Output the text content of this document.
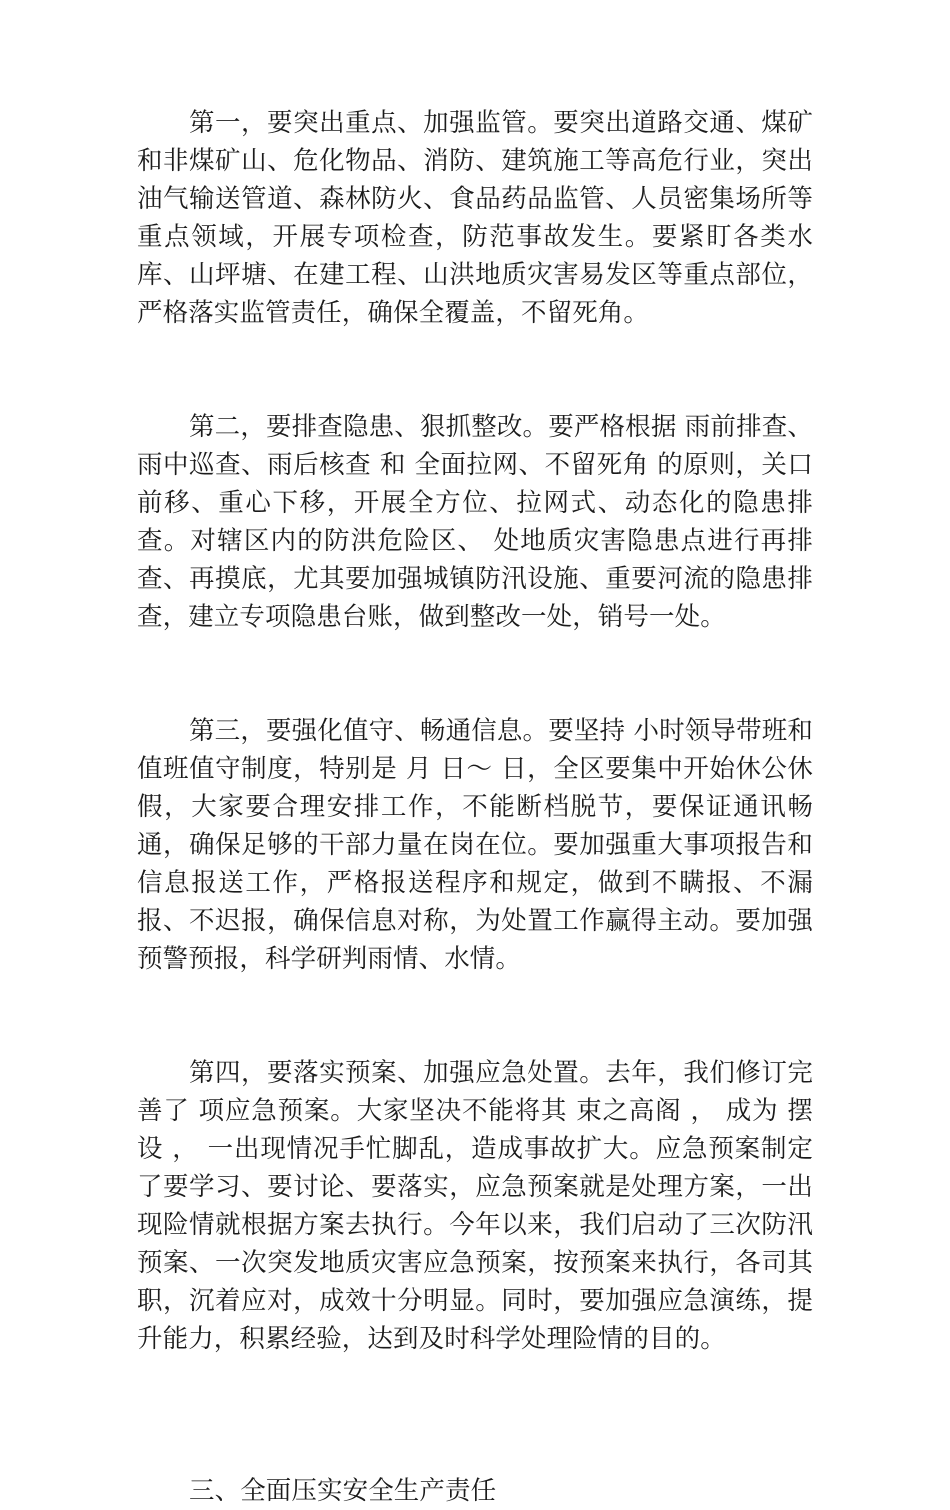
第一，要突出重点、加强监管。要突出道路交通、煤矿和非煤矿山、危化物品、消防、建筑施工等高危行业，突出油气输送管道、森林防火、食品药品监管、人员密集场所等重点领域，开展专项检查，防范事故发生。要紧盯各类水库、山坪塘、在建工程、山洪地质灾害易发区等重点部位，严格落实监管责任，确保全覆盖，不留死角。

第二，要排查隐患、狠抓整改。要严格根据 雨前排查、雨中巡查、雨后核查 和 全面拉网、不留死角 的原则，关口前移、重心下移，开展全方位、拉网式、动态化的隐患排查。对辖区内的防洪危险区、 处地质灾害隐患点进行再排查、再摸底，尤其要加强城镇防汛设施、重要河流的隐患排查，建立专项隐患台账，做到整改一处，销号一处。

第三，要强化值守、畅通信息。要坚持 小时领导带班和值班值守制度，特别是 月 日～ 日，全区要集中开始休公休假，大家要合理安排工作，不能断档脱节，要保证通讯畅通，确保足够的干部力量在岗在位。要加强重大事项报告和信息报送工作，严格报送程序和规定，做到不瞒报、不漏报、不迟报，确保信息对称，为处置工作赢得主动。要加强预警预报，科学研判雨情、水情。

第四，要落实预案、加强应急处置。去年，我们修订完善了 项应急预案。大家坚决不能将其 束之高阁 ， 成为 摆设 ， 一出现情况手忙脚乱，造成事故扩大。应急预案制定了要学习、要讨论、要落实，应急预案就是处理方案，一出现险情就根据方案去执行。今年以来，我们启动了三次防汛预案、一次突发地质灾害应急预案，按预案来执行，各司其职，沉着应对，成效十分明显。同时，要加强应急演练，提升能力，积累经验，达到及时科学处理险情的目的。

三、全面压实安全生产责任
